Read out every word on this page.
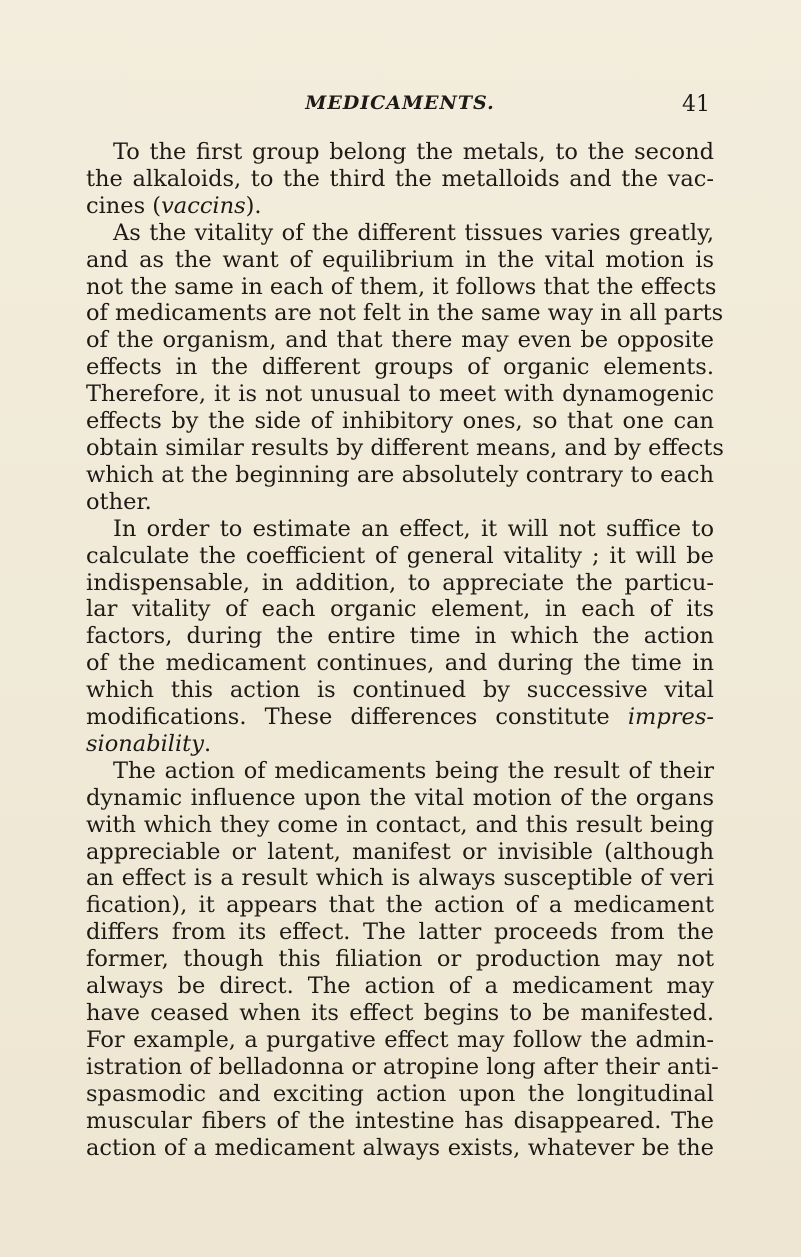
MEDICAMENTS.	41
To the first group belong the metals, to the second
the alkaloids, to the third the metalloids and the vac-
cines (vaccins).
As the vitality of the different tissues varies greatly,
and as the want of equilibrium in the vital motion is
not the same in each of them, it follows that the effects
of medicaments are not felt in the same way in all parts
of the organism, and that there may even be opposite
effects in the different groups of organic elements.
Therefore, it is not unusual to meet with dynamogenic
effects by the side of inhibitory ones, so that one can
obtain similar results by different means, and by effects
which at the beginning are absolutely contrary to each
other.
In order to estimate an effect, it will not suffice to
calculate the coefficient of general vitality ; it will be
indispensable, in addition, to appreciate the particu-
lar vitality of each organic element, in each of its
factors, during the entire time in which the action
of the medicament continues, and during the time in
which this action is continued by successive vital
modifications. These differences constitute impres-
sionability.
The action of medicaments being the result of their
dynamic influence upon the vital motion of the organs
with which they come in contact, and this result being
appreciable or latent, manifest or invisible (although
an effect is a result which is always susceptible of veri
fication), it appears that the action of a medicament
differs from its effect. The latter proceeds from the
former, though this filiation or production may not
always be direct. The action of a medicament may
have ceased when its effect begins to be manifested.
For example, a purgative effect may follow the admin-
istration of belladonna or atropine long after their anti-
spasmodic and exciting action upon the longitudinal
muscular fibers of the intestine has disappeared. The
action of a medicament always exists, whatever be the
